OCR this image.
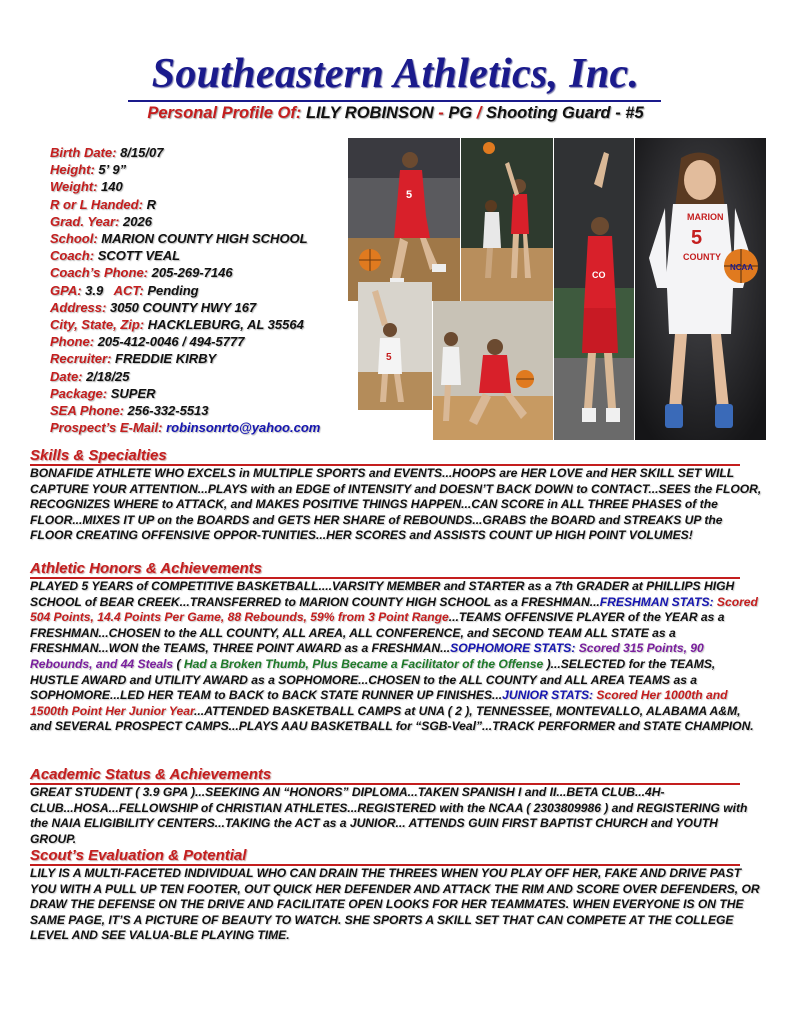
Southeastern Athletics, Inc.
Personal Profile Of: LILY ROBINSON - PG / Shooting Guard - #5
Birth Date: 8/15/07
Height: 5’ 9”
Weight: 140
R or L Handed: R
Grad. Year: 2026
School: MARION COUNTY HIGH SCHOOL
Coach: SCOTT VEAL
Coach’s Phone: 205-269-7146
GPA: 3.9 ACT: Pending
Address: 3050 COUNTY HWY 167
City, State, Zip: HACKLEBURG, AL 35564
Phone: 205-412-0046 / 494-5777
Recruiter: FREDDIE KIRBY
Date: 2/18/25
Package: SUPER
SEA Phone: 256-332-5513
Prospect’s E-Mail: robinsonrto@yahoo.com
5
CO
MARION
5
COUNTY
NCAA
5
Skills & Specialties
BONAFIDE ATHLETE WHO EXCELS in MULTIPLE SPORTS and EVENTS...HOOPS are HER LOVE and HER SKILL SET WILL CAPTURE YOUR ATTENTION...PLAYS with an EDGE of INTENSITY and DOESN’T BACK DOWN to CONTACT...SEES the FLOOR, RECOGNIZES WHERE to ATTACK, and MAKES POSITIVE THINGS HAPPEN...CAN SCORE in ALL THREE PHASES of the FLOOR...MIXES IT UP on the BOARDS and GETS HER SHARE of REBOUNDS...GRABS the BOARD and STREAKS UP the FLOOR CREATING OFFENSIVE OPPOR-TUNITIES...HER SCORES and ASSISTS COUNT UP HIGH POINT VOLUMES!
Athletic Honors & Achievements
PLAYED 5 YEARS of COMPETITIVE BASKETBALL....VARSITY MEMBER and STARTER as a 7th GRADER at PHILLIPS HIGH SCHOOL of BEAR CREEK...TRANSFERRED to MARION COUNTY HIGH SCHOOL as a FRESHMAN...FRESHMAN STATS: Scored 504 Points, 14.4 Points Per Game, 88 Rebounds, 59% from 3 Point Range...TEAMS OFFENSIVE PLAYER of the YEAR as a FRESHMAN...CHOSEN to the ALL COUNTY, ALL AREA, ALL CONFERENCE, and SECOND TEAM ALL STATE as a FRESHMAN...WON the TEAMS, THREE POINT AWARD as a FRESHMAN...SOPHOMORE STATS: Scored 315 Points, 90 Rebounds, and 44 Steals ( Had a Broken Thumb, Plus Became a Facilitator of the Offense )...SELECTED for the TEAMS, HUSTLE AWARD and UTILITY AWARD as a SOPHOMORE...CHOSEN to the ALL COUNTY and ALL AREA TEAMS as a SOPHOMORE...LED HER TEAM to BACK to BACK STATE RUNNER UP FINISHES...JUNIOR STATS: Scored Her 1000th and 1500th Point Her Junior Year...ATTENDED BASKETBALL CAMPS at UNA ( 2 ), TENNESSEE, MONTEVALLO, ALABAMA A&M, and SEVERAL PROSPECT CAMPS...PLAYS AAU BASKETBALL for “SGB-Veal”...TRACK PERFORMER and STATE CHAMPION.
Academic Status & Achievements
GREAT STUDENT ( 3.9 GPA )...SEEKING AN “HONORS” DIPLOMA...TAKEN SPANISH I and II...BETA CLUB...4H-CLUB...HOSA...FELLOWSHIP of CHRISTIAN ATHLETES...REGISTERED with the NCAA ( 2303809986 ) and REGISTERING with the NAIA ELIGIBILITY CENTERS...TAKING the ACT as a JUNIOR... ATTENDS GUIN FIRST BAPTIST CHURCH and YOUTH GROUP.
Scout’s Evaluation & Potential
LILY IS A MULTI-FACETED INDIVIDUAL WHO CAN DRAIN THE THREES WHEN YOU PLAY OFF HER, FAKE AND DRIVE PAST YOU WITH A PULL UP TEN FOOTER, OUT QUICK HER DEFENDER AND ATTACK THE RIM AND SCORE OVER DEFENDERS, OR DRAW THE DEFENSE ON THE DRIVE AND FACILITATE OPEN LOOKS FOR HER TEAMMATES. WHEN EVERYONE IS ON THE SAME PAGE, IT’S A PICTURE OF BEAUTY TO WATCH. SHE SPORTS A SKILL SET THAT CAN COMPETE AT THE COLLEGE LEVEL AND SEE VALUA-BLE PLAYING TIME.
